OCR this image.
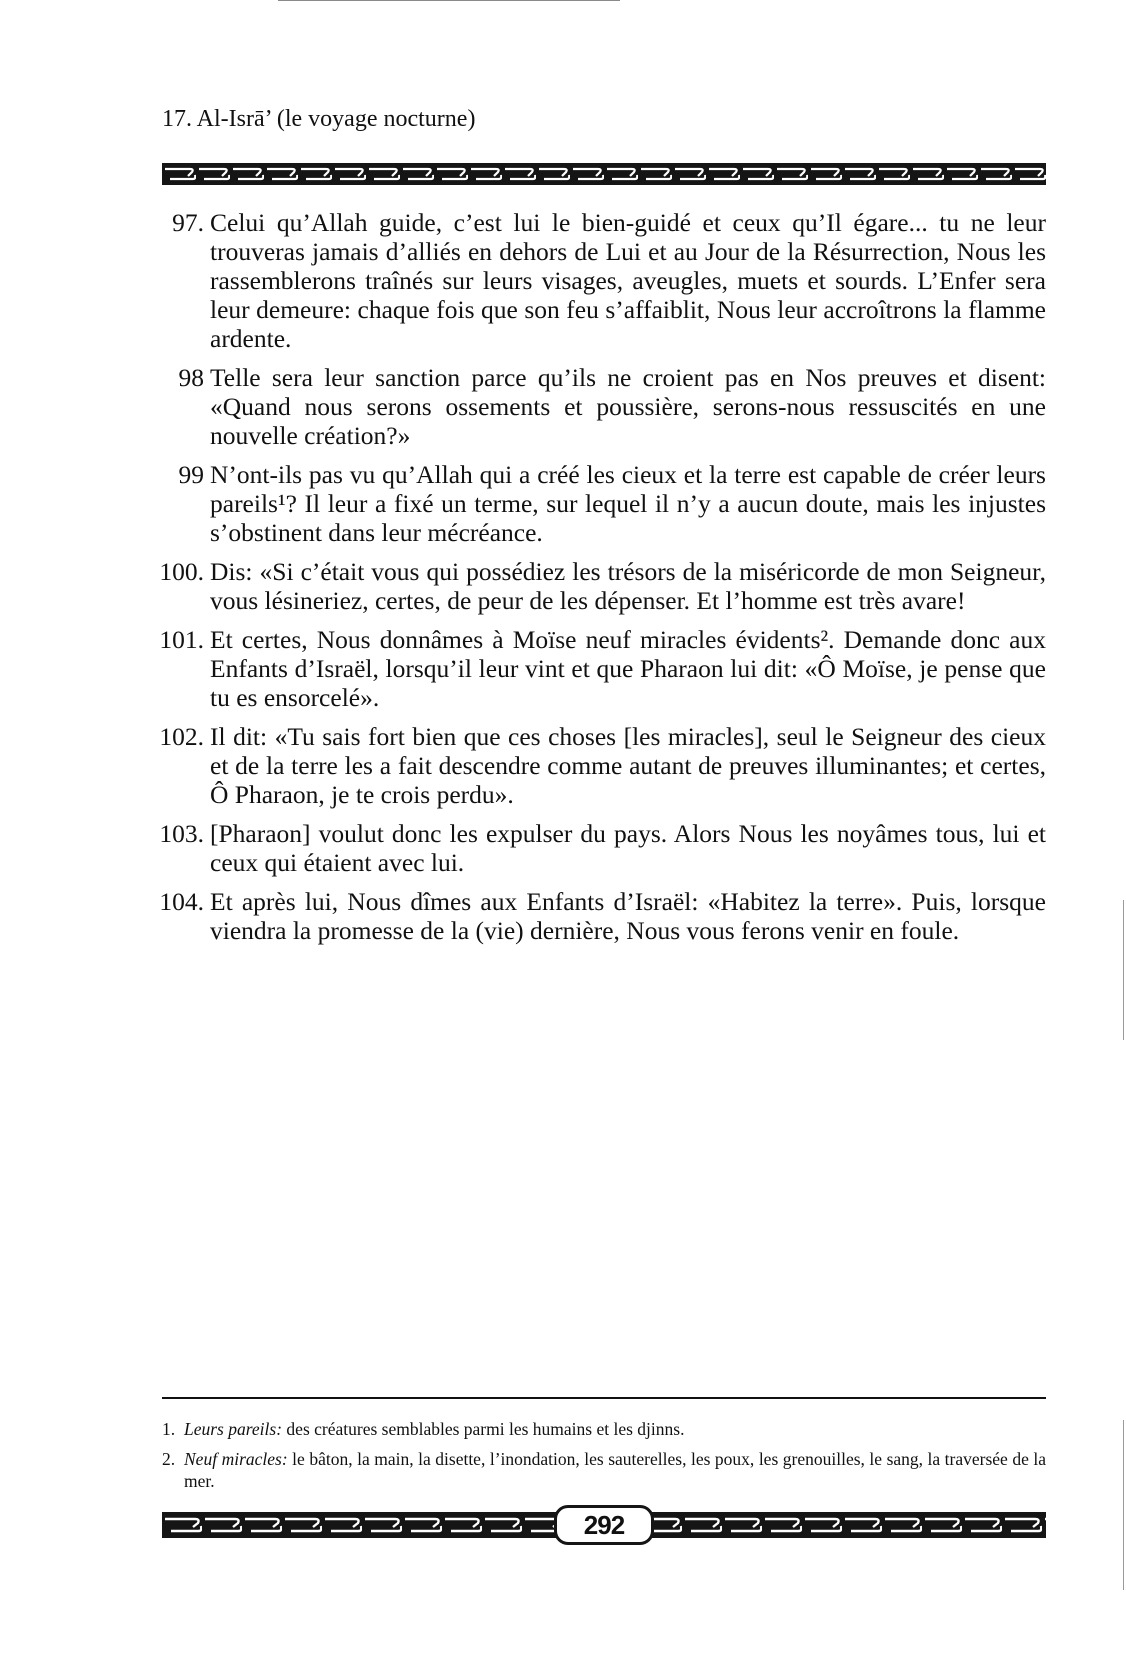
17. Al-Isrā’ (le voyage nocturne)
97. Celui qu’Allah guide, c’est lui le bien-guidé et ceux qu’Il égare... tu ne leur trouveras jamais d’alliés en dehors de Lui et au Jour de la Résurrection, Nous les rassemblerons traînés sur leurs visages, aveugles, muets et sourds. L’Enfer sera leur demeure: chaque fois que son feu s’affaiblit, Nous leur accroîtrons la flamme ardente.
98 Telle sera leur sanction parce qu’ils ne croient pas en Nos preuves et disent: «Quand nous serons ossements et poussière, serons-nous ressuscités en une nouvelle création?»
99 N’ont-ils pas vu qu’Allah qui a créé les cieux et la terre est capable de créer leurs pareils¹? Il leur a fixé un terme, sur lequel il n’y a aucun doute, mais les injustes s’obstinent dans leur mécréance.
100. Dis: «Si c’était vous qui possédiez les trésors de la miséricorde de mon Seigneur, vous lésineriez, certes, de peur de les dépenser. Et l’homme est très avare!
101. Et certes, Nous donnâmes à Moïse neuf miracles évidents². Demande donc aux Enfants d’Israël, lorsqu’il leur vint et que Pharaon lui dit: «Ô Moïse, je pense que tu es ensorcelé».
102. Il dit: «Tu sais fort bien que ces choses [les miracles], seul le Seigneur des cieux et de la terre les a fait descendre comme autant de preuves illuminantes; et certes, Ô Pharaon, je te crois perdu».
103. [Pharaon] voulut donc les expulser du pays. Alors Nous les noyâmes tous, lui et ceux qui étaient avec lui.
104. Et après lui, Nous dîmes aux Enfants d’Israël: «Habitez la terre». Puis, lorsque viendra la promesse de la (vie) dernière, Nous vous ferons venir en foule.
1. Leurs pareils: des créatures semblables parmi les humains et les djinns.
2. Neuf miracles: le bâton, la main, la disette, l’inondation, les sauterelles, les poux, les grenouilles, le sang, la traversée de la mer.
292
